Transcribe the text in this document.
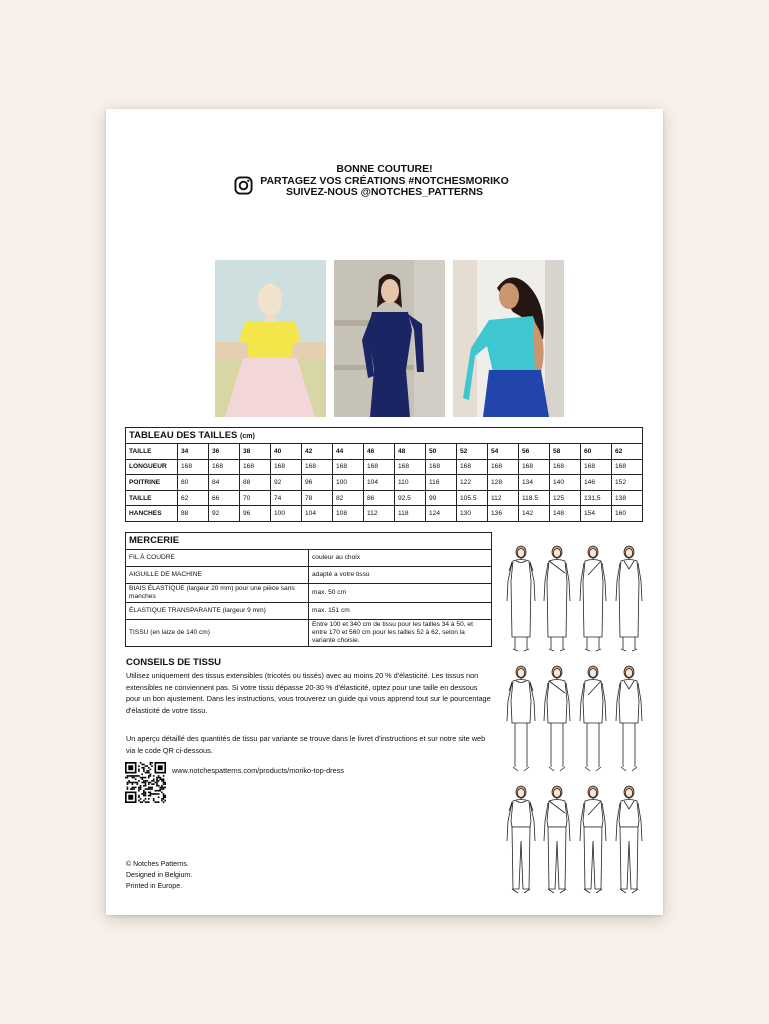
BONNE COUTURE!
PARTAGEZ VOS CRÉATIONS #NOTCHESMORIKO
SUIVEZ-NOUS @NOTCHES_PATTERNS
TABLEAU DES TAILLES (cm)															
TAILLE	34	36	38	40	42	44	46	48	50	52	54	56	58	60	62
LONGUEUR	168	168	168	168	168	168	168	168	168	168	168	168	168	168	168
POITRINE	80	84	88	92	96	100	104	110	116	122	128	134	140	146	152
TAILLE	62	66	70	74	78	82	86	92.5	99	105.5	112	118.5	125	131,5	138
HANCHES	88	92	96	100	104	108	112	118	124	130	136	142	148	154	160
MERCERIE	
FIL À COUDRE	couleur au choix
AIGUILLE DE MACHINE	adapté a votre tissu
BIAIS ÉLASTIQUE (largeur 20 mm) pour une pièce sans manches	max. 50 cm
ÉLASTIQUE TRANSPARANTE (largeur 9 mm)	max. 151 cm
TISSU (en laize de 140 cm)	Entre 100 et 340 cm de tissu pour les tailles 34 à 50, et entre 170 et 560 cm pour les tailles 52 à 62, selon la variante choisie.
CONSEILS DE TISSU

Utilisez uniquement des tissus extensibles (tricotés ou tissés) avec au moins 20 % d'élasticité. Les tissus non extensibles ne conviennent pas. Si votre tissu dépasse 20-30 % d'élasticité, optez pour une taille en dessous pour un bon ajustement. Dans les instructions, vous trouverez un guide qui vous apprend tout sur le pourcentage d'élasticité de votre tissu.

Un aperçu détaillé des quantités de tissu par variante se trouve dans le livret d'instructions et sur notre site web via le code QR ci-dessous.
www.notchespatterns.com/products/moriko-top-dress
© Notches Patterns.
Designed in Belgium.
Printed in Europe.
